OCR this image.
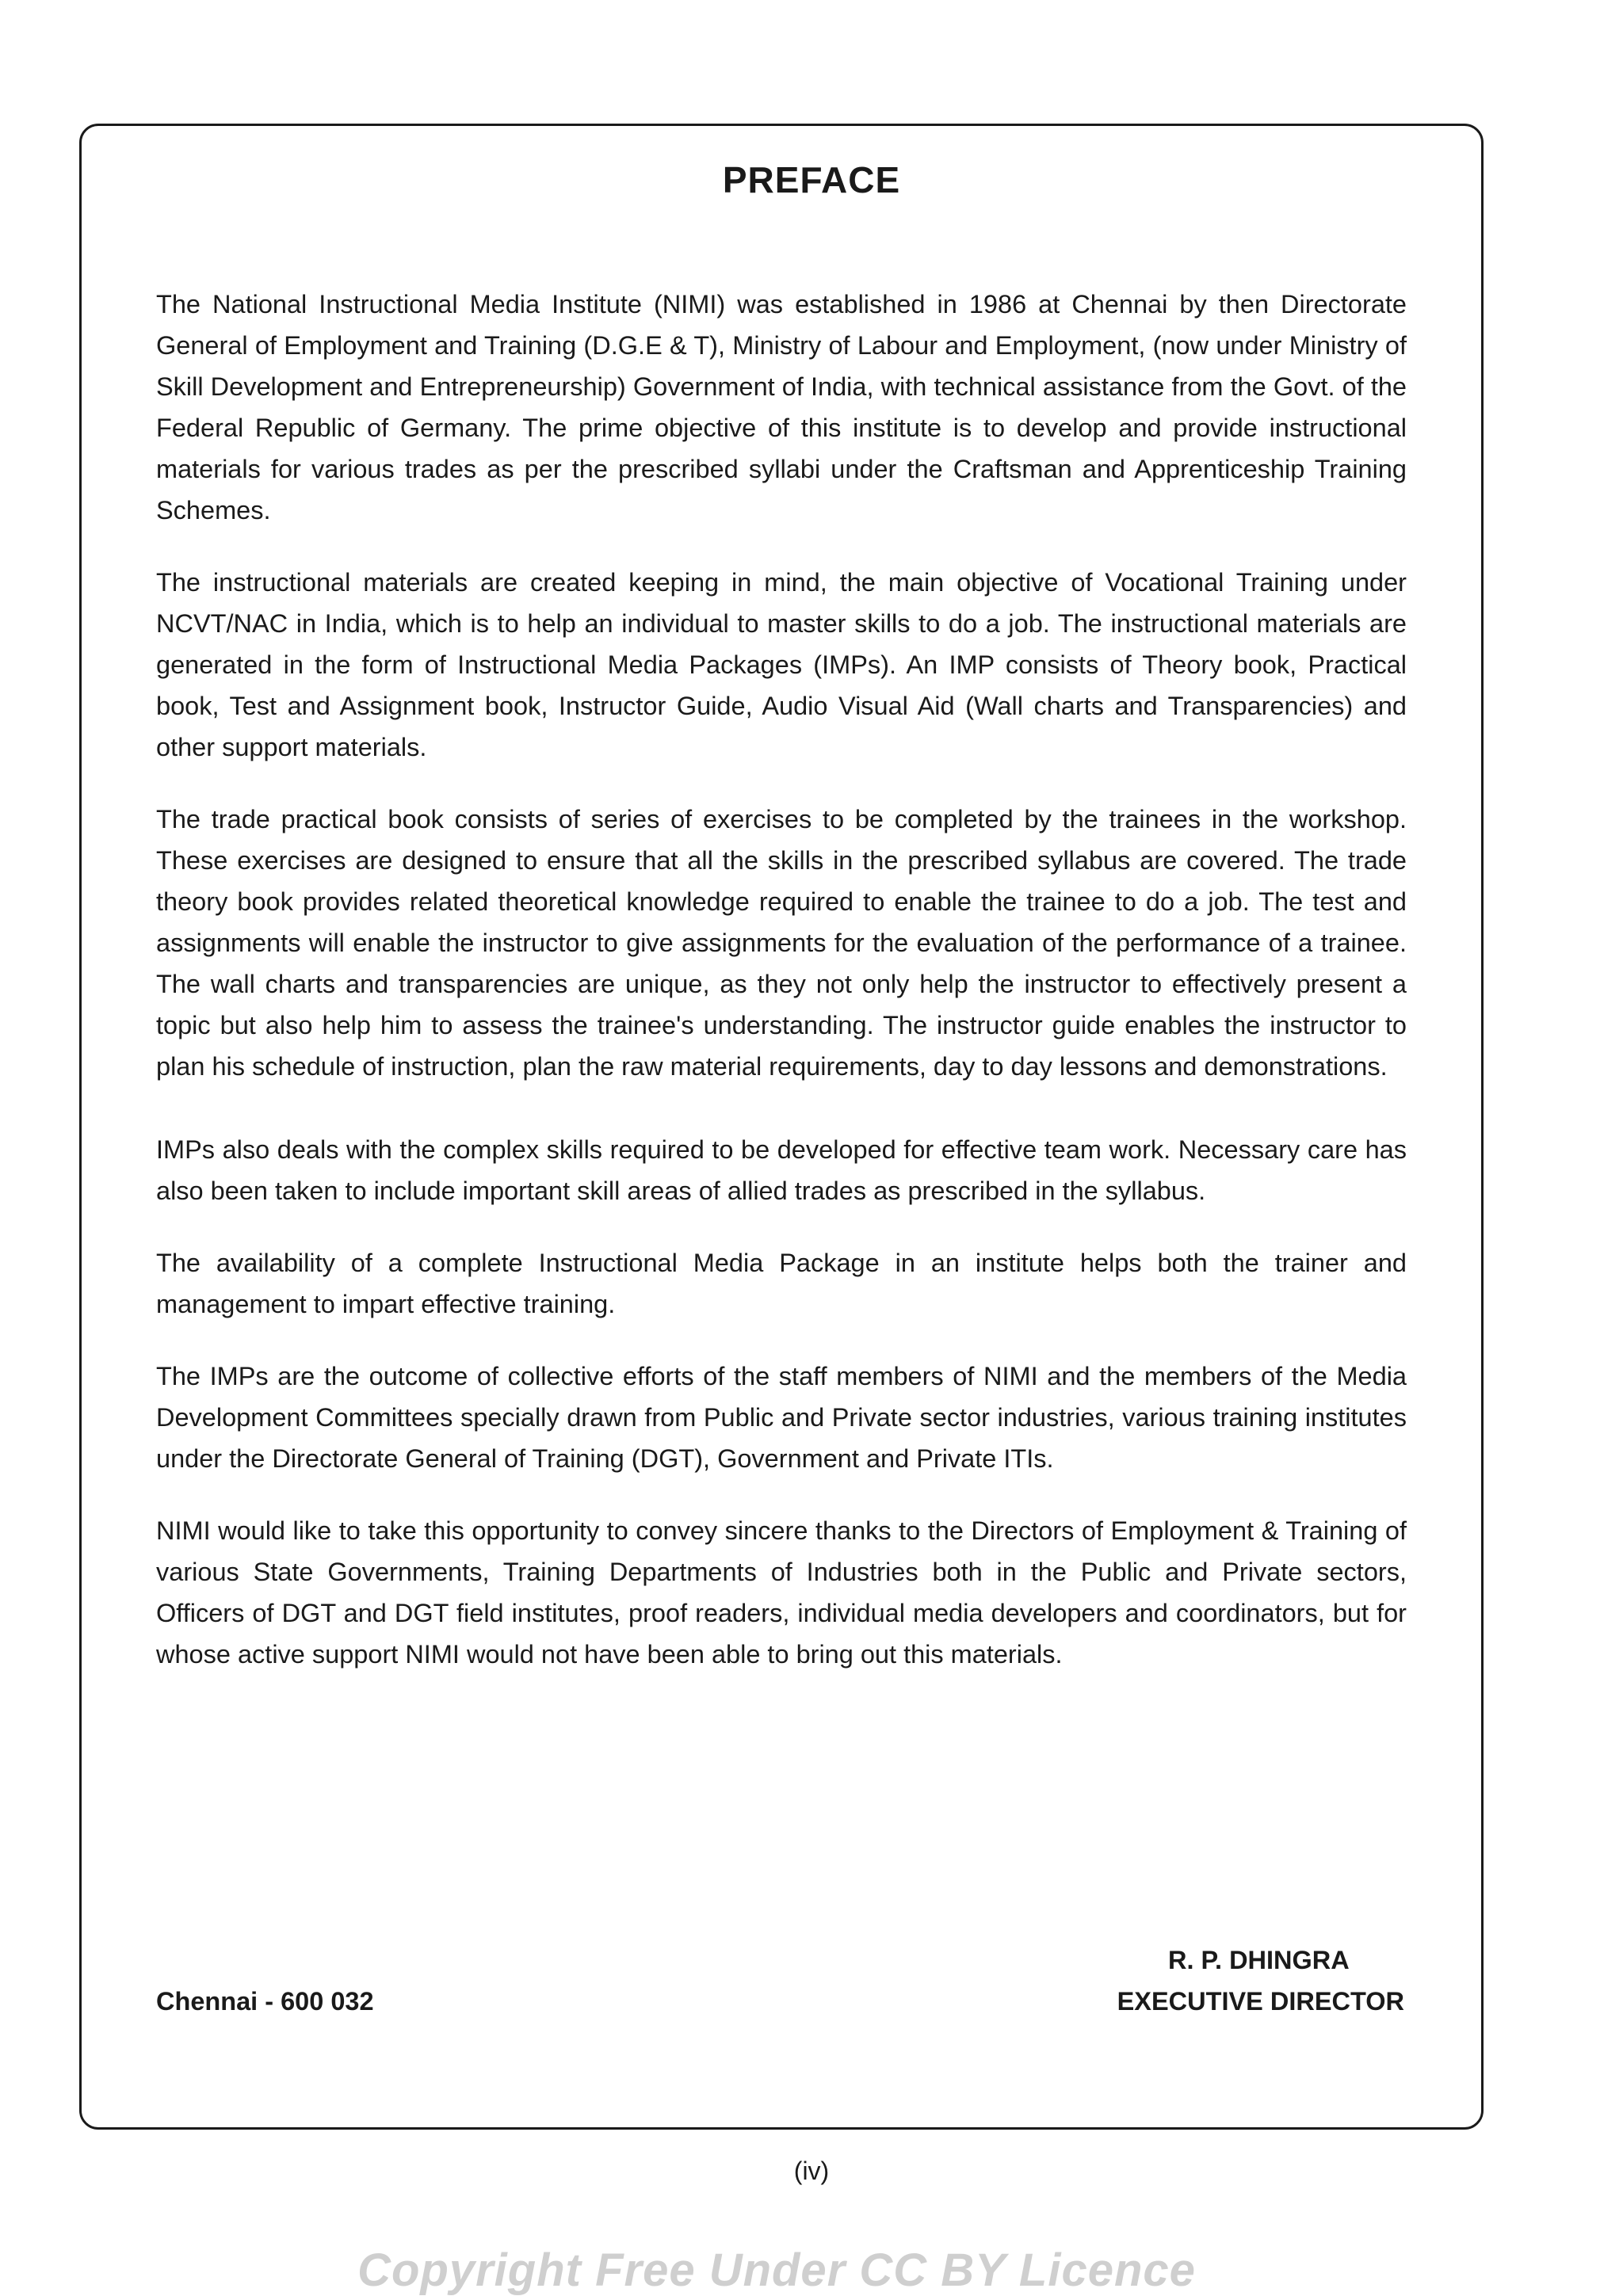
PREFACE

The National Instructional Media Institute (NIMI) was established in 1986 at Chennai by then Directorate General of Employment and Training (D.G.E & T), Ministry of Labour and Employment, (now under Ministry of Skill Development and Entrepreneurship) Government of India, with technical assistance from the Govt. of the Federal Republic of Germany. The prime objective of this institute is to develop and provide instructional materials for various trades as per the prescribed syllabi under the Craftsman and Apprenticeship Training Schemes.

The instructional materials are created keeping in mind, the main objective of Vocational Training under NCVT/NAC in India, which is to help an individual to master skills to do a job. The instructional materials are generated in the form of Instructional Media Packages (IMPs). An IMP consists of Theory book, Practical book, Test and Assignment book, Instructor Guide, Audio Visual Aid (Wall charts and Transparencies) and other support materials.

The trade practical book consists of series of exercises to be completed by the trainees in the workshop. These exercises are designed to ensure that all the skills in the prescribed syllabus are covered. The trade theory book provides related theoretical knowledge required to enable the trainee to do a job. The test and assignments will enable the instructor to give assignments for the evaluation of the performance of a trainee. The wall charts and transparencies are unique, as they not only help the instructor to effectively present a topic but also help him to assess the trainee's understanding. The instructor guide enables the instructor to plan his schedule of instruction, plan the raw material requirements, day to day lessons and demonstrations.

IMPs also deals with the complex skills required to be developed for effective team work. Necessary care has also been taken to include important skill areas of allied trades as prescribed in the syllabus.

The availability of a complete Instructional Media Package in an institute helps both the trainer and management to impart effective training.

The IMPs are the outcome of collective efforts of the staff members of NIMI and the members of the Media Development Committees specially drawn from Public and Private sector industries, various training institutes under the Directorate General of Training (DGT), Government and Private ITIs.

NIMI would like to take this opportunity to convey sincere thanks to the Directors of Employment & Training of various State Governments, Training Departments of Industries both in the Public and Private sectors, Officers of DGT and DGT field institutes, proof readers, individual media developers and coordinators, but for whose active support NIMI would not have been able to bring out this materials.

R. P. DHINGRA
Chennai - 600 032	EXECUTIVE DIRECTOR
(iv)
Copyright Free Under CC BY Licence
